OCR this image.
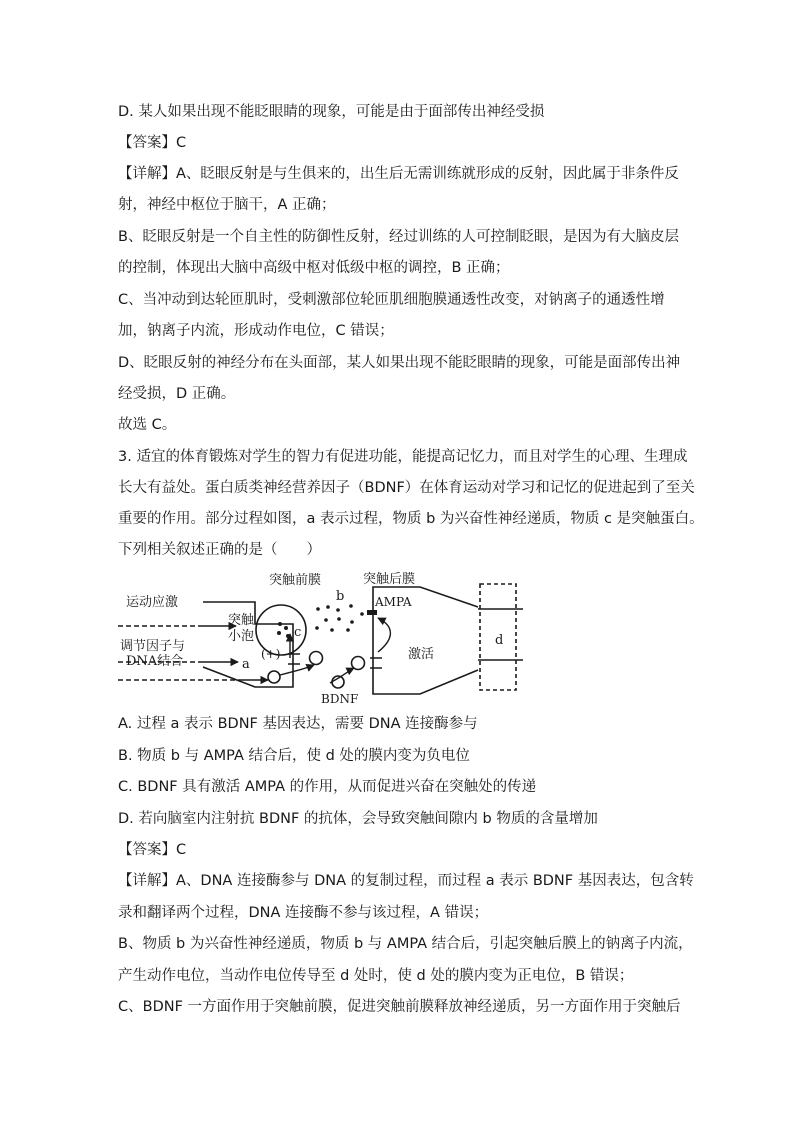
D. 某人如果出现不能眨眼睛的现象，可能是由于面部传出神经受损
【答案】C
【详解】A、眨眼反射是与生俱来的，出生后无需训练就形成的反射，因此属于非条件反
射，神经中枢位于脑干，A 正确；
B、眨眼反射是一个自主性的防御性反射，经过训练的人可控制眨眼，是因为有大脑皮层
的控制，体现出大脑中高级中枢对低级中枢的调控，B 正确；
C、当冲动到达轮匝肌时，受刺激部位轮匝肌细胞膜通透性改变，对钠离子的通透性增
加，钠离子内流，形成动作电位，C 错误；
D、眨眼反射的神经分布在头面部，某人如果出现不能眨眼睛的现象，可能是面部传出神
经受损，D 正确。
故选 C。
3. 适宜的体育锻炼对学生的智力有促进功能，能提高记忆力，而且对学生的心理、生理成
长大有益处。蛋白质类神经营养因子（BDNF）在体育运动对学习和记忆的促进起到了至关
重要的作用。部分过程如图，a 表示过程，物质 b 为兴奋性神经递质，物质 c 是突触蛋白。
下列相关叙述正确的是（　　）
突触前膜	突触后膜
运动应激
突触
小泡
调节因子与
DNA结合	a
b
c
d
(+)
AMPA
激活
BDNF
A. 过程 a 表示 BDNF 基因表达，需要 DNA 连接酶参与
B. 物质 b 与 AMPA 结合后，使 d 处的膜内变为负电位
C. BDNF 具有激活 AMPA 的作用，从而促进兴奋在突触处的传递
D. 若向脑室内注射抗 BDNF 的抗体，会导致突触间隙内 b 物质的含量增加
【答案】C
【详解】A、DNA 连接酶参与 DNA 的复制过程，而过程 a 表示 BDNF 基因表达，包含转
录和翻译两个过程，DNA 连接酶不参与该过程，A 错误；
B、物质 b 为兴奋性神经递质，物质 b 与 AMPA 结合后，引起突触后膜上的钠离子内流，
产生动作电位，当动作电位传导至 d 处时，使 d 处的膜内变为正电位，B 错误；
C、BDNF 一方面作用于突触前膜，促进突触前膜释放神经递质，另一方面作用于突触后
